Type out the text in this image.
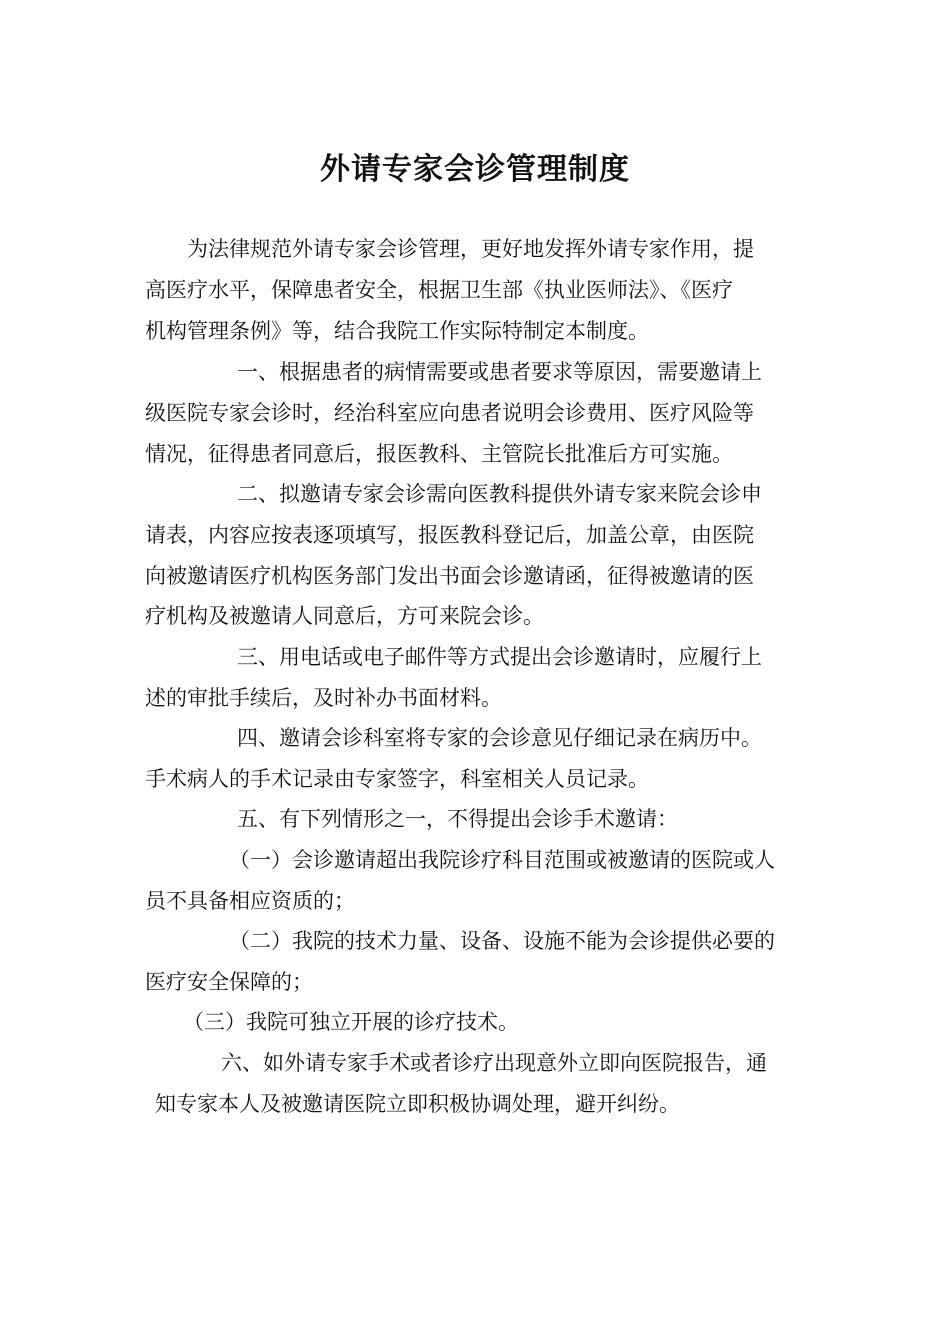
外请专家会诊管理制度
为法律规范外请专家会诊管理，更好地发挥外请专家作用，提
高医疗水平，保障患者安全，根据卫生部《执业医师法》、《医疗
机构管理条例》等，结合我院工作实际特制定本制度。
一、根据患者的病情需要或患者要求等原因，需要邀请上
级医院专家会诊时，经治科室应向患者说明会诊费用、医疗风险等
情况，征得患者同意后，报医教科、主管院长批准后方可实施。
二、拟邀请专家会诊需向医教科提供外请专家来院会诊申
请表，内容应按表逐项填写，报医教科登记后，加盖公章，由医院
向被邀请医疗机构医务部门发出书面会诊邀请函，征得被邀请的医
疗机构及被邀请人同意后，方可来院会诊。
三、用电话或电子邮件等方式提出会诊邀请时，应履行上
述的审批手续后，及时补办书面材料。
四、邀请会诊科室将专家的会诊意见仔细记录在病历中。
手术病人的手术记录由专家签字，科室相关人员记录。
五、有下列情形之一，不得提出会诊手术邀请：
（一）会诊邀请超出我院诊疗科目范围或被邀请的医院或人
员不具备相应资质的；
（二）我院的技术力量、设备、设施不能为会诊提供必要的
医疗安全保障的；
（三）我院可独立开展的诊疗技术。
六、如外请专家手术或者诊疗出现意外立即向医院报告，通
知专家本人及被邀请医院立即积极协调处理，避开纠纷。
